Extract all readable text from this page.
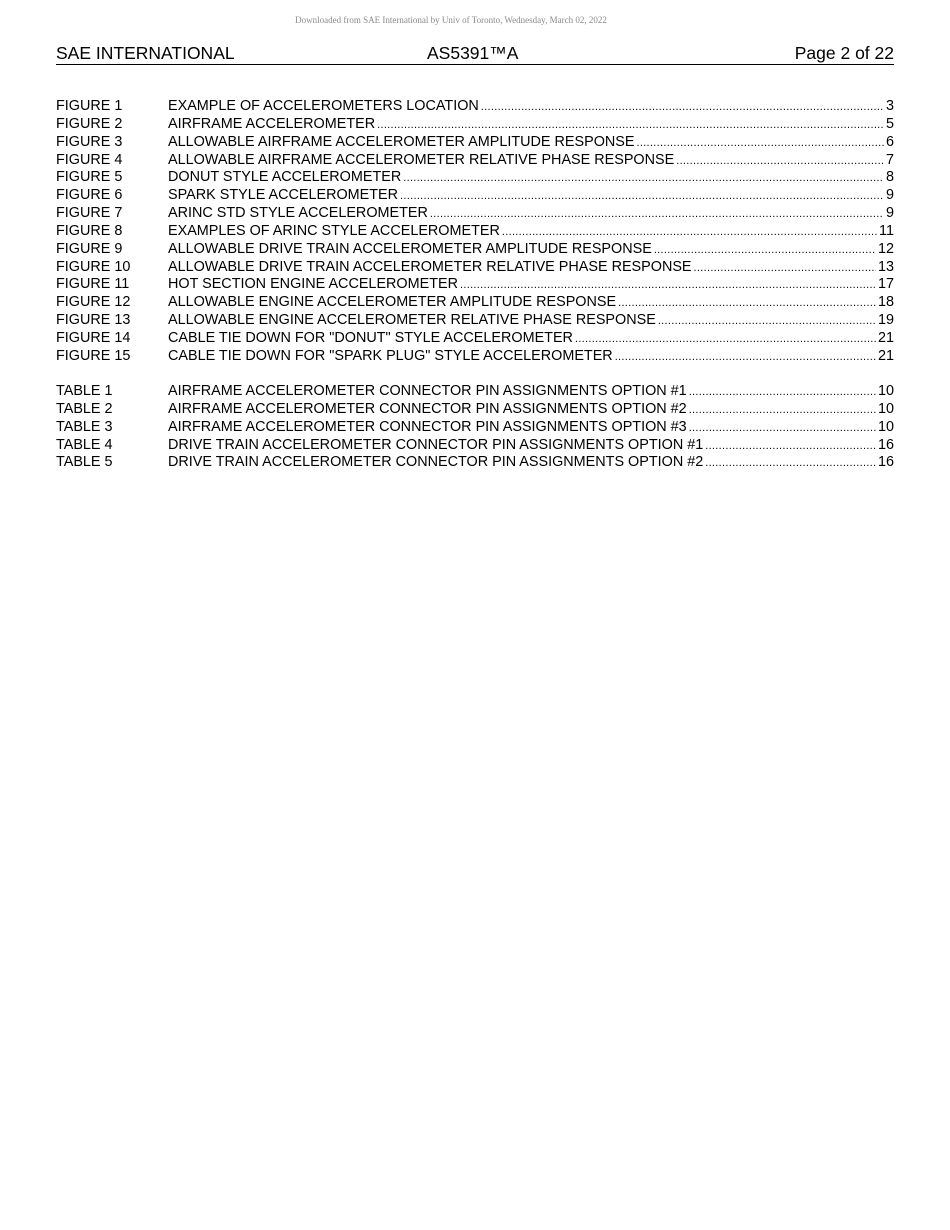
Downloaded from SAE International by Univ of Toronto, Wednesday, March 02, 2022
SAE INTERNATIONAL	AS5391™A	Page 2 of 22
FIGURE 1	EXAMPLE OF ACCELEROMETERS LOCATION .....	3
FIGURE 2	AIRFRAME ACCELEROMETER .....	5
FIGURE 3	ALLOWABLE AIRFRAME ACCELEROMETER AMPLITUDE RESPONSE .....	6
FIGURE 4	ALLOWABLE AIRFRAME ACCELEROMETER RELATIVE PHASE RESPONSE .....	7
FIGURE 5	DONUT STYLE ACCELEROMETER .....	8
FIGURE 6	SPARK STYLE ACCELEROMETER .....	9
FIGURE 7	ARINC STD STYLE ACCELEROMETER .....	9
FIGURE 8	EXAMPLES OF ARINC STYLE ACCELEROMETER .....	11
FIGURE 9	ALLOWABLE DRIVE TRAIN ACCELEROMETER AMPLITUDE RESPONSE .....	12
FIGURE 10	ALLOWABLE DRIVE TRAIN ACCELEROMETER RELATIVE PHASE RESPONSE .....	13
FIGURE 11	HOT SECTION ENGINE ACCELEROMETER .....	17
FIGURE 12	ALLOWABLE ENGINE ACCELEROMETER AMPLITUDE RESPONSE .....	18
FIGURE 13	ALLOWABLE ENGINE ACCELEROMETER RELATIVE PHASE RESPONSE .....	19
FIGURE 14	CABLE TIE DOWN FOR "DONUT" STYLE ACCELEROMETER .....	21
FIGURE 15	CABLE TIE DOWN FOR "SPARK PLUG" STYLE ACCELEROMETER .....	21
TABLE 1	AIRFRAME ACCELEROMETER CONNECTOR PIN ASSIGNMENTS OPTION #1 .....	10
TABLE 2	AIRFRAME ACCELEROMETER CONNECTOR PIN ASSIGNMENTS OPTION #2 .....	10
TABLE 3	AIRFRAME ACCELEROMETER CONNECTOR PIN ASSIGNMENTS OPTION #3 .....	10
TABLE 4	DRIVE TRAIN ACCELEROMETER CONNECTOR PIN ASSIGNMENTS OPTION #1 .....	16
TABLE 5	DRIVE TRAIN ACCELEROMETER CONNECTOR PIN ASSIGNMENTS OPTION #2 .....	16
